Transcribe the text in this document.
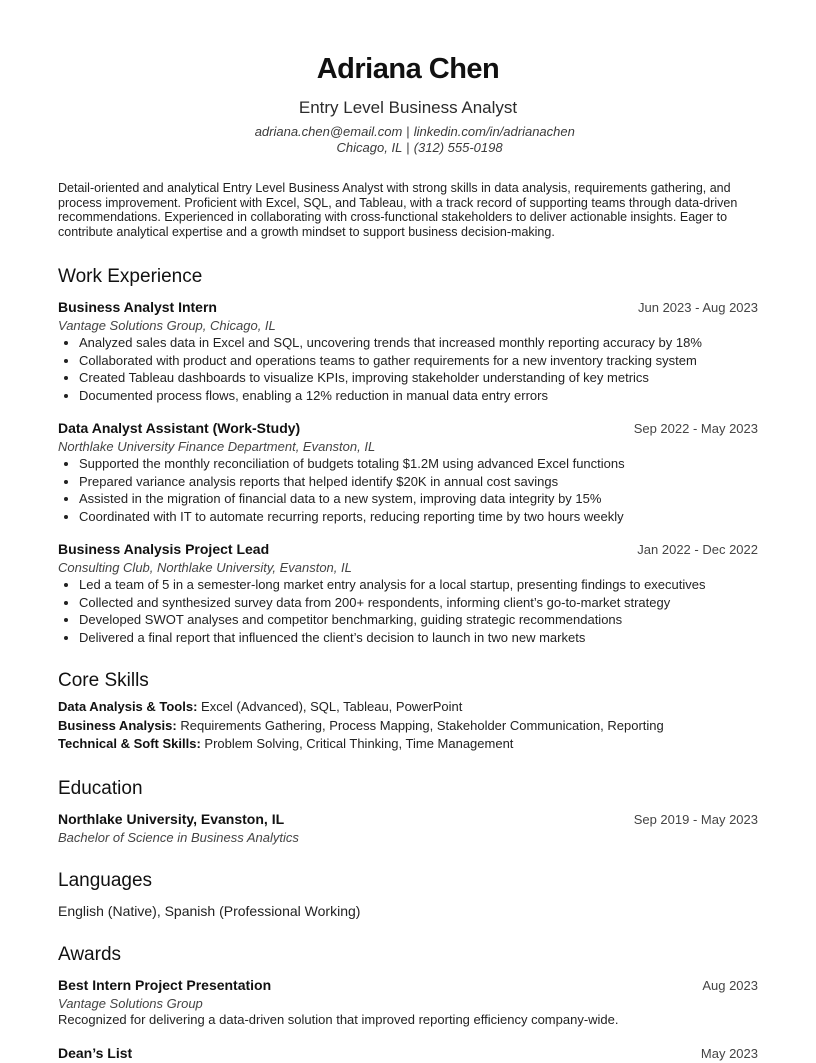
Adriana Chen
Entry Level Business Analyst
adriana.chen@email.com | linkedin.com/in/adrianachen
Chicago, IL | (312) 555-0198

Detail-oriented and analytical Entry Level Business Analyst with strong skills in data analysis, requirements gathering, and process improvement. Proficient with Excel, SQL, and Tableau, with a track record of supporting teams through data-driven recommendations. Experienced in collaborating with cross-functional stakeholders to deliver actionable insights. Eager to contribute analytical expertise and a growth mindset to support business decision-making.

Work Experience
Business Analyst Intern	Jun 2023 - Aug 2023
Vantage Solutions Group, Chicago, IL
• Analyzed sales data in Excel and SQL, uncovering trends that increased monthly reporting accuracy by 18%
• Collaborated with product and operations teams to gather requirements for a new inventory tracking system
• Created Tableau dashboards to visualize KPIs, improving stakeholder understanding of key metrics
• Documented process flows, enabling a 12% reduction in manual data entry errors
Data Analyst Assistant (Work-Study)	Sep 2022 - May 2023
Northlake University Finance Department, Evanston, IL
• Supported the monthly reconciliation of budgets totaling $1.2M using advanced Excel functions
• Prepared variance analysis reports that helped identify $20K in annual cost savings
• Assisted in the migration of financial data to a new system, improving data integrity by 15%
• Coordinated with IT to automate recurring reports, reducing reporting time by two hours weekly
Business Analysis Project Lead	Jan 2022 - Dec 2022
Consulting Club, Northlake University, Evanston, IL
• Led a team of 5 in a semester-long market entry analysis for a local startup, presenting findings to executives
• Collected and synthesized survey data from 200+ respondents, informing client’s go-to-market strategy
• Developed SWOT analyses and competitor benchmarking, guiding strategic recommendations
• Delivered a final report that influenced the client’s decision to launch in two new markets
Core Skills
Data Analysis & Tools: Excel (Advanced), SQL, Tableau, PowerPoint
Business Analysis: Requirements Gathering, Process Mapping, Stakeholder Communication, Reporting
Technical & Soft Skills: Problem Solving, Critical Thinking, Time Management
Education
Northlake University, Evanston, IL	Sep 2019 - May 2023
Bachelor of Science in Business Analytics
Languages
English (Native), Spanish (Professional Working)
Awards
Best Intern Project Presentation	Aug 2023
Vantage Solutions Group
Recognized for delivering a data-driven solution that improved reporting efficiency company-wide.
Dean’s List	May 2023
